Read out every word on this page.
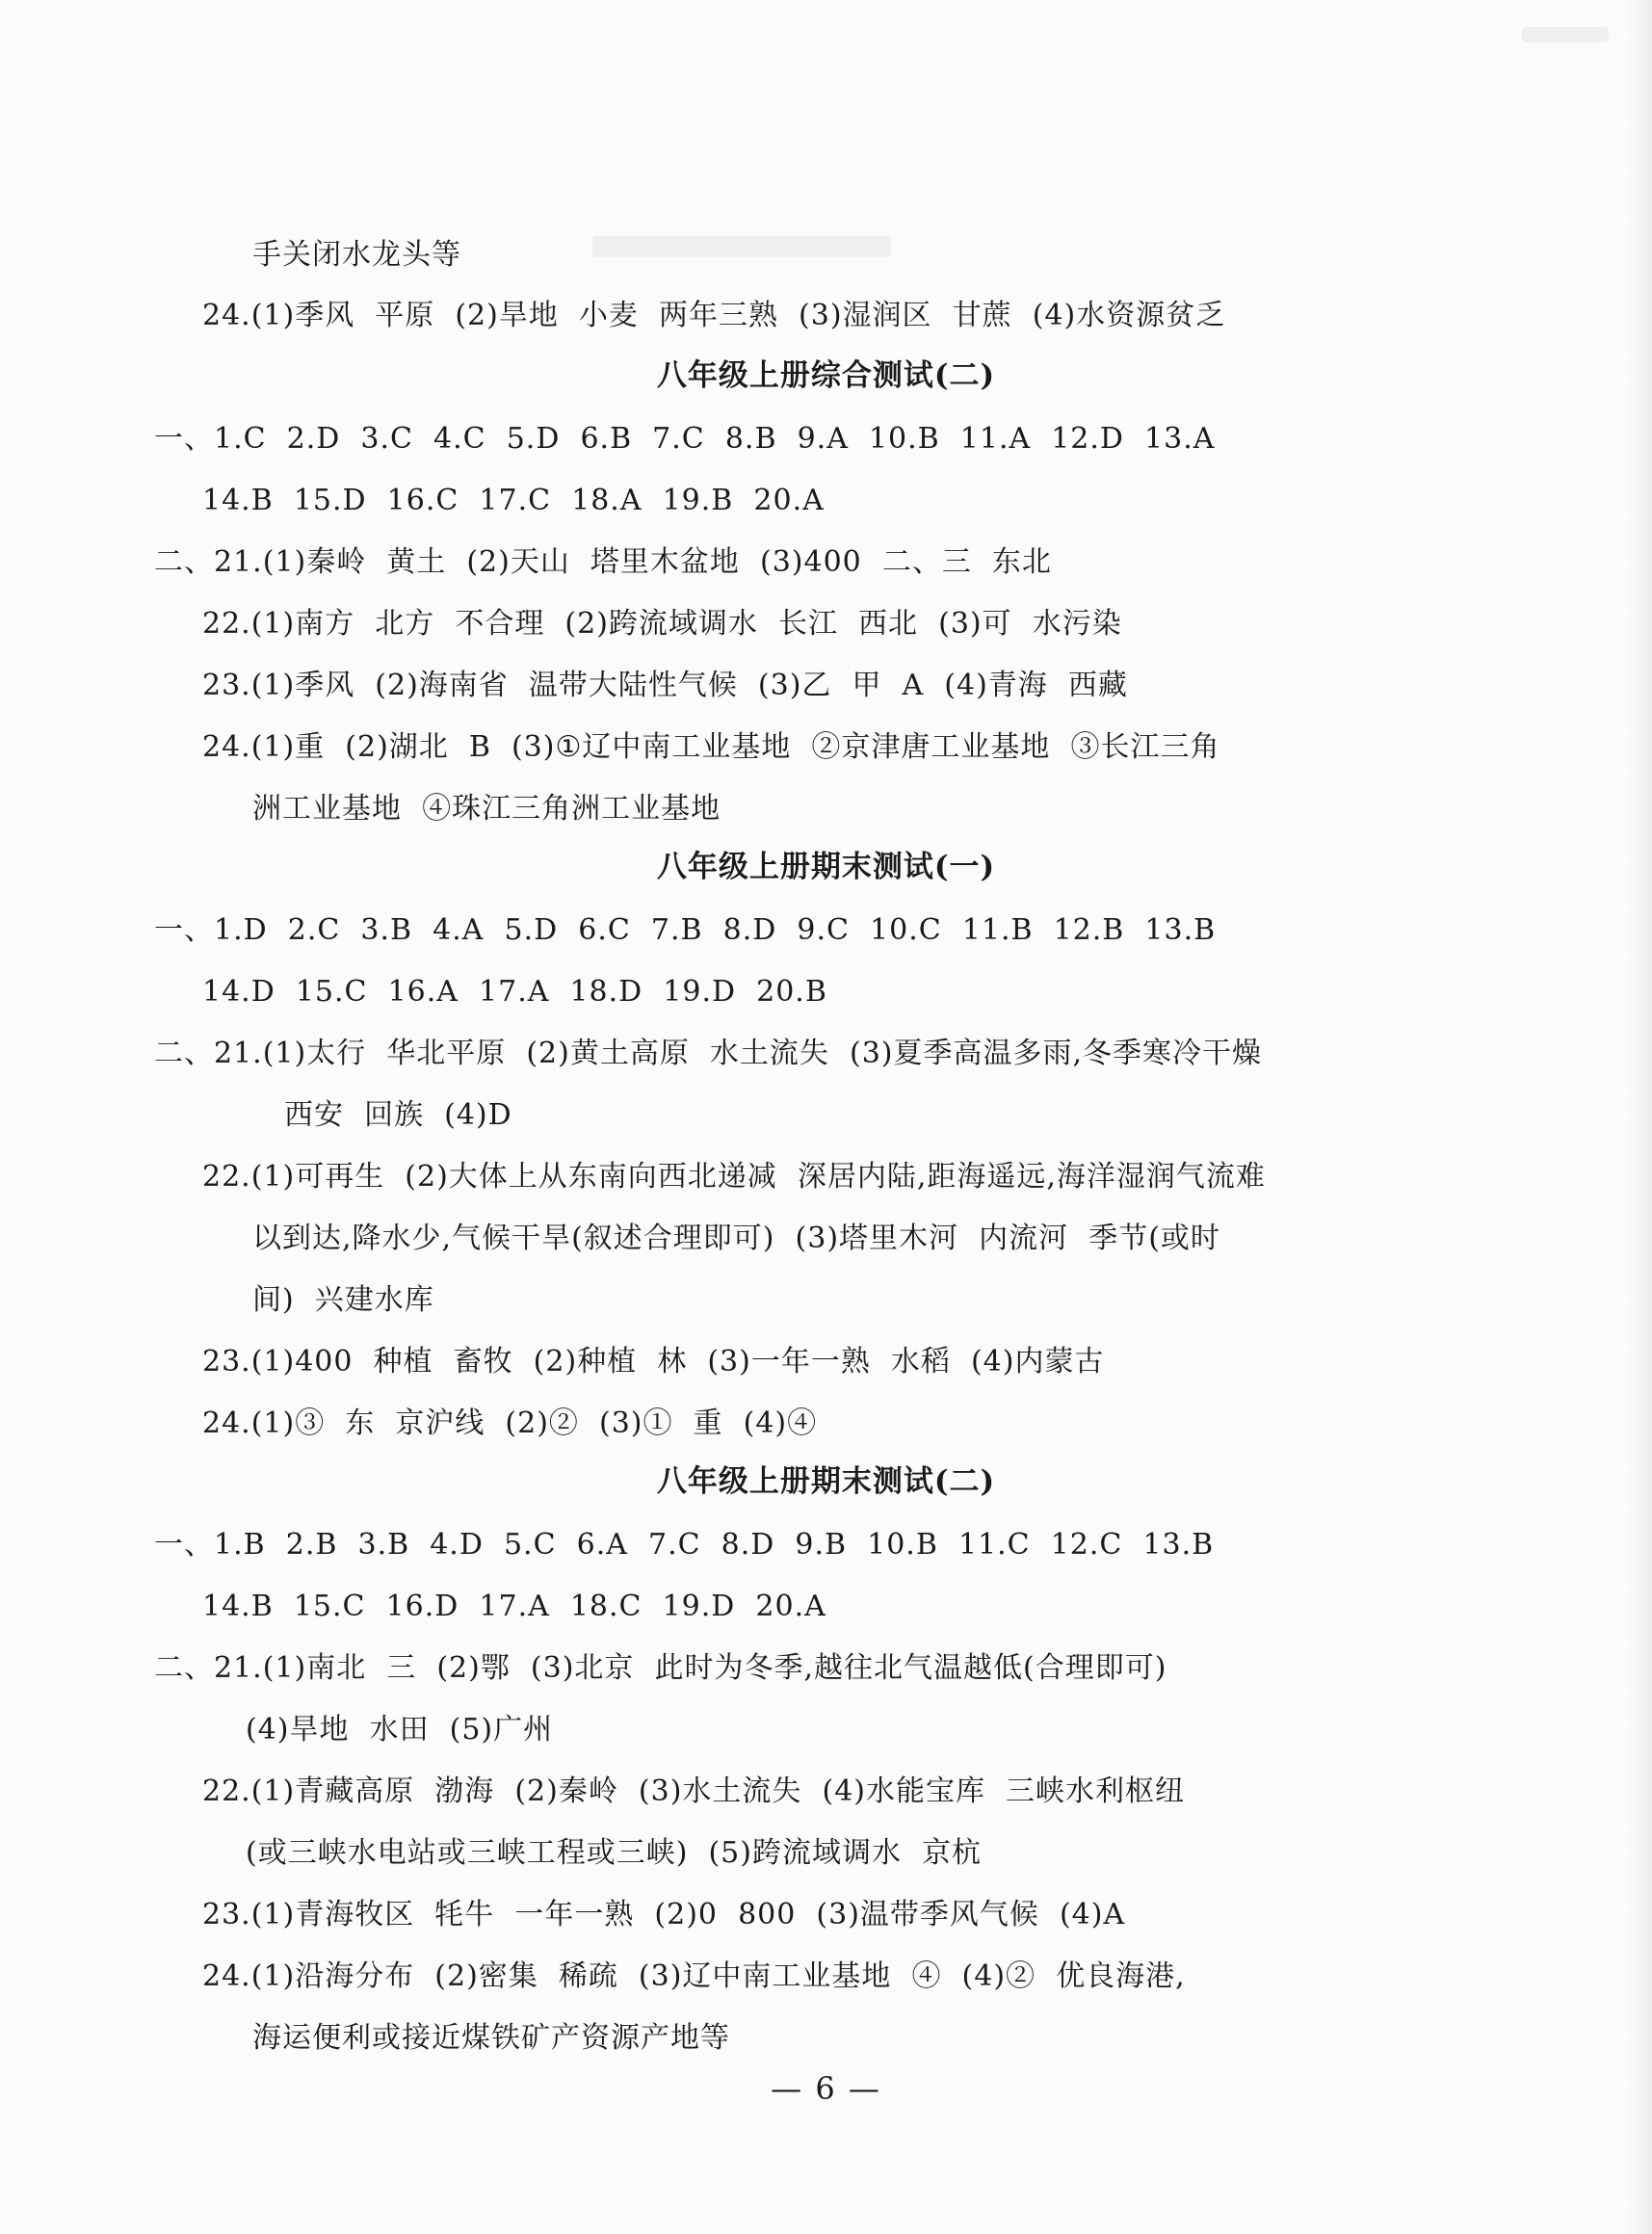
手关闭水龙头等
24.(1)季风  平原  (2)旱地  小麦  两年三熟  (3)湿润区  甘蔗  (4)水资源贫乏
八年级上册综合测试(二)
一、1.C  2.D  3.C  4.C  5.D  6.B  7.C  8.B  9.A  10.B  11.A  12.D  13.A
14.B  15.D  16.C  17.C  18.A  19.B  20.A
二、21.(1)秦岭  黄土  (2)天山  塔里木盆地  (3)400  二、三  东北
22.(1)南方  北方  不合理  (2)跨流域调水  长江  西北  (3)可  水污染
23.(1)季风  (2)海南省  温带大陆性气候  (3)乙  甲  A  (4)青海  西藏
24.(1)重  (2)湖北  B  (3)①辽中南工业基地  ②京津唐工业基地  ③长江三角
洲工业基地  ④珠江三角洲工业基地
八年级上册期末测试(一)
一、1.D  2.C  3.B  4.A  5.D  6.C  7.B  8.D  9.C  10.C  11.B  12.B  13.B
14.D  15.C  16.A  17.A  18.D  19.D  20.B
二、21.(1)太行  华北平原  (2)黄土高原  水土流失  (3)夏季高温多雨,冬季寒冷干燥
西安  回族  (4)D
22.(1)可再生  (2)大体上从东南向西北递减  深居内陆,距海遥远,海洋湿润气流难
以到达,降水少,气候干旱(叙述合理即可)  (3)塔里木河  内流河  季节(或时
间)  兴建水库
23.(1)400  种植  畜牧  (2)种植  林  (3)一年一熟  水稻  (4)内蒙古
24.(1)③  东  京沪线  (2)②  (3)①  重  (4)④
八年级上册期末测试(二)
一、1.B  2.B  3.B  4.D  5.C  6.A  7.C  8.D  9.B  10.B  11.C  12.C  13.B
14.B  15.C  16.D  17.A  18.C  19.D  20.A
二、21.(1)南北  三  (2)鄂  (3)北京  此时为冬季,越往北气温越低(合理即可)
(4)旱地  水田  (5)广州
22.(1)青藏高原  渤海  (2)秦岭  (3)水土流失  (4)水能宝库  三峡水利枢纽
(或三峡水电站或三峡工程或三峡)  (5)跨流域调水  京杭
23.(1)青海牧区  牦牛  一年一熟  (2)0  800  (3)温带季风气候  (4)A
24.(1)沿海分布  (2)密集  稀疏  (3)辽中南工业基地  ④  (4)②  优良海港,
海运便利或接近煤铁矿产资源产地等
— 6 —
